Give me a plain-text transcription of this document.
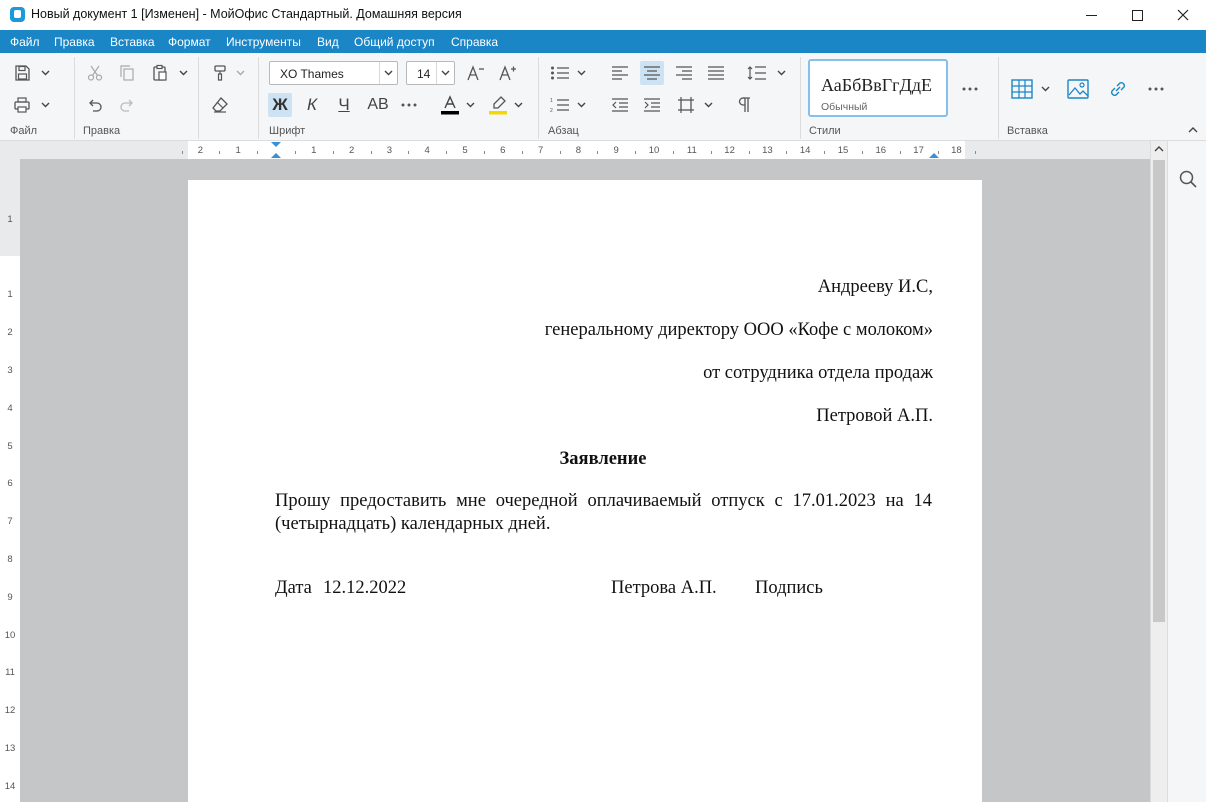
Новый документ 1 [Изменен] - МойОфис Стандартный. Домашняя версия
Файл Правка Вставка Формат Инструменты Вид Общий доступ Справка
Файл	Правка
XO Thames	14
Ж	К	Ч	АВ
Шрифт
1
2
Абзац
АаБбВвГгДдЕ
Обычный
Стили	Вставка
2	1	1	2	3	4	5	6	7	8	9	10	11	12	13	14	15	16	17	18
1
1
2
3
4
5
6
7
8
9
10
11
12
13
14
Андрееву И.С,
генеральному директору ООО «Кофе с молоком»
от сотрудника отдела продаж
Петровой А.П.
Заявление
Прошу предоставить мне очередной оплачиваемый отпуск с 17.01.2023 на 14
(четырнадцать) календарных дней.
Дата 12.12.2022	Петрова А.П. Подпись
